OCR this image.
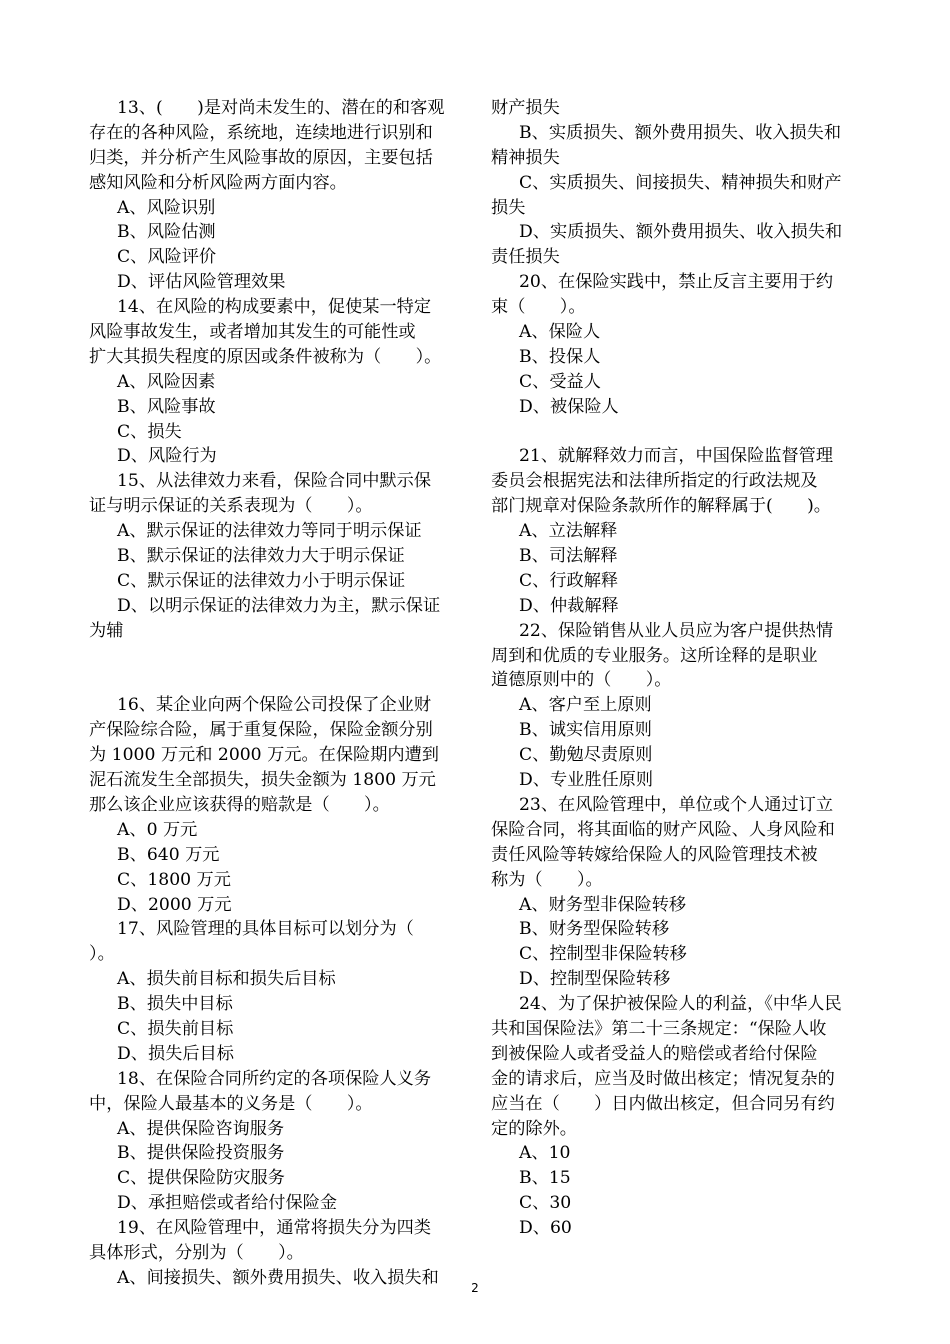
13、(　　)是对尚未发生的、潜在的和客观
存在的各种风险，系统地，连续地进行识别和
归类，并分析产生风险事故的原因，主要包括
感知风险和分析风险两方面内容。
A、风险识别
B、风险估测
C、风险评价
D、评估风险管理效果
14、在风险的构成要素中，促使某一特定
风险事故发生，或者增加其发生的可能性或
扩大其损失程度的原因或条件被称为（　　）。
A、风险因素
B、风险事故
C、损失
D、风险行为
15、从法律效力来看，保险合同中默示保
证与明示保证的关系表现为（　　）。
A、默示保证的法律效力等同于明示保证
B、默示保证的法律效力大于明示保证
C、默示保证的法律效力小于明示保证
D、以明示保证的法律效力为主，默示保证
为辅
16、某企业向两个保险公司投保了企业财
产保险综合险，属于重复保险，保险金额分别
为 1000 万元和 2000 万元。在保险期内遭到
泥石流发生全部损失，损失金额为 1800 万元
那么该企业应该获得的赔款是（　　）。
A、0 万元
B、640 万元
C、1800 万元
D、2000 万元
17、风险管理的具体目标可以划分为（
）。
A、损失前目标和损失后目标
B、损失中目标
C、损失前目标
D、损失后目标
18、在保险合同所约定的各项保险人义务
中，保险人最基本的义务是（　　）。
A、提供保险咨询服务
B、提供保险投资服务
C、提供保险防灾服务
D、承担赔偿或者给付保险金
19、在风险管理中，通常将损失分为四类
具体形式，分别为（　　）。
A、间接损失、额外费用损失、收入损失和
财产损失
B、实质损失、额外费用损失、收入损失和
精神损失
C、实质损失、间接损失、精神损失和财产
损失
D、实质损失、额外费用损失、收入损失和
责任损失
20、在保险实践中，禁止反言主要用于约
束（　　）。
A、保险人
B、投保人
C、受益人
D、被保险人
21、就解释效力而言，中国保险监督管理
委员会根据宪法和法律所指定的行政法规及
部门规章对保险条款所作的解释属于(　　)。
A、立法解释
B、司法解释
C、行政解释
D、仲裁解释
22、保险销售从业人员应为客户提供热情
周到和优质的专业服务。这所诠释的是职业
道德原则中的（　　）。
A、客户至上原则
B、诚实信用原则
C、勤勉尽责原则
D、专业胜任原则
23、在风险管理中，单位或个人通过订立
保险合同，将其面临的财产风险、人身风险和
责任风险等转嫁给保险人的风险管理技术被
称为（　　）。
A、财务型非保险转移
B、财务型保险转移
C、控制型非保险转移
D、控制型保险转移
24、为了保护被保险人的利益，《中华人民
共和国保险法》第二十三条规定：“保险人收
到被保险人或者受益人的赔偿或者给付保险
金的请求后，应当及时做出核定；情况复杂的
应当在（　　）日内做出核定，但合同另有约
定的除外。
A、10
B、15
C、30
D、60
2
